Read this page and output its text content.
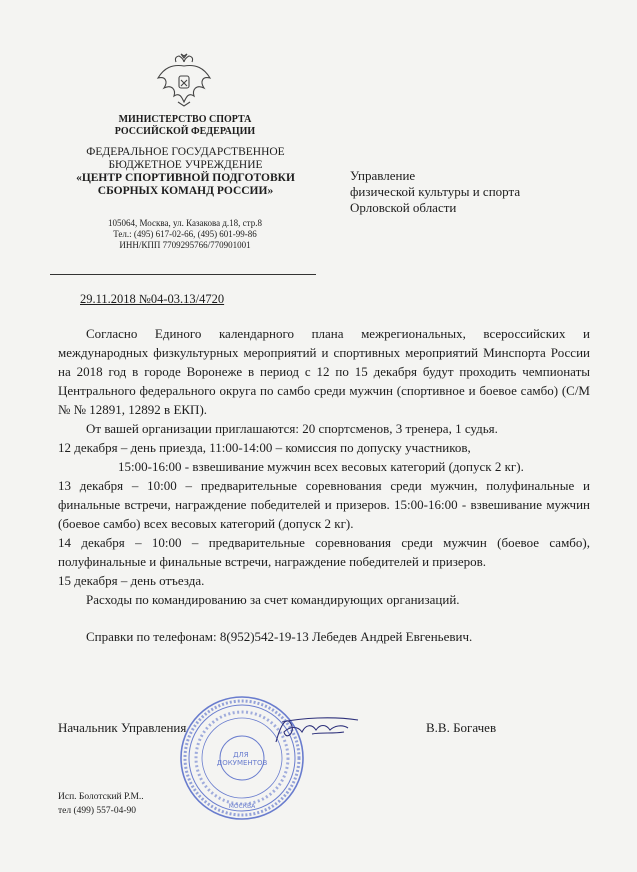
МИНИСТЕРСТВО СПОРТА
РОССИЙСКОЙ ФЕДЕРАЦИИ
ФЕДЕРАЛЬНОЕ ГОСУДАРСТВЕННОЕ
БЮДЖЕТНОЕ УЧРЕЖДЕНИЕ
«ЦЕНТР СПОРТИВНОЙ ПОДГОТОВКИ
СБОРНЫХ КОМАНД РОССИИ»
105064, Москва, ул. Казакова д.18, стр.8
Тел.: (495) 617-02-66, (495) 601-99-86
ИНН/КПП 7709295766/770901001
29.11.2018 №04-03.13/4720
Управление
физической культуры и спорта
Орловской области

Согласно Единого календарного плана межрегиональных, всероссийских и международных физкультурных мероприятий и спортивных мероприятий Минспорта России на 2018 год в городе Воронеже в период с 12 по 15 декабря будут проходить чемпионаты Центрального федерального округа по самбо среди мужчин (спортивное и боевое самбо) (С/М № № 12891, 12892 в ЕКП).

От вашей организации приглашаются: 20 спортсменов, 3 тренера, 1 судья.

12 декабря – день приезда, 11:00-14:00 – комиссия по допуску участников,

15:00-16:00 - взвешивание мужчин всех весовых категорий (допуск 2 кг).

13 декабря – 10:00 – предварительные соревнования среди мужчин, полуфинальные и финальные встречи, награждение победителей и призеров. 15:00-16:00 - взвешивание мужчин (боевое самбо) всех весовых категорий (допуск 2 кг).

14 декабря – 10:00 – предварительные соревнования среди мужчин (боевое самбо), полуфинальные и финальные встречи, награждение победителей и призеров.

15 декабря – день отъезда.

Расходы по командированию за счет командирующих организаций.

Справки по телефонам: 8(952)542-19-13 Лебедев Андрей Евгеньевич.

Начальник Управления	В.В. Богачев
ДЛЯ ДОКУМЕНТОВ
МОСКВА
Исп. Болотский Р.М..
тел (499) 557-04-90
